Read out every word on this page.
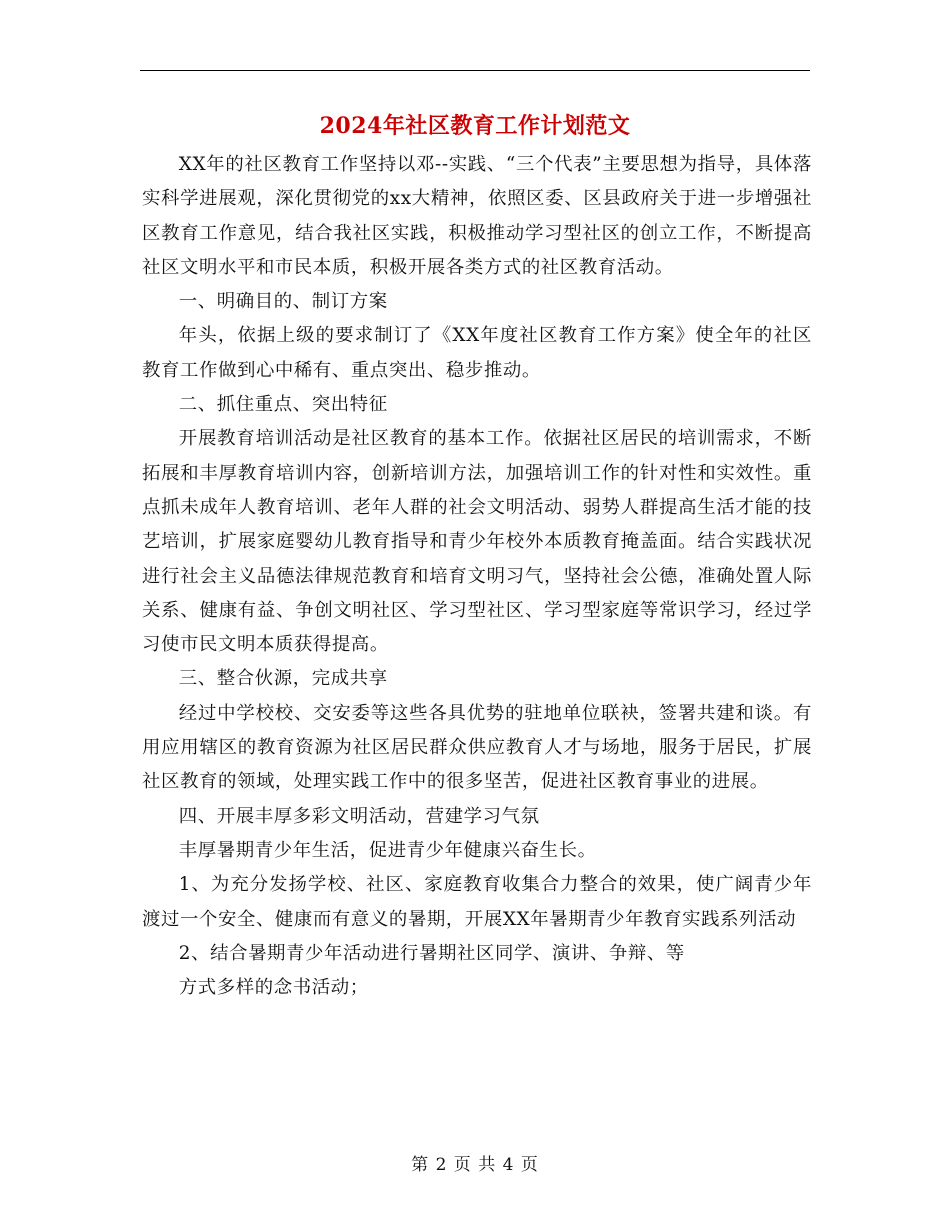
2024年社区教育工作计划范文

XX年的社区教育工作坚持以邓--实践、“三个代表”主要思想为指导，具体落实科学进展观，深化贯彻党的xx大精神，依照区委、区县政府关于进一步增强社区教育工作意见，结合我社区实践，积极推动学习型社区的创立工作，不断提高社区文明水平和市民本质，积极开展各类方式的社区教育活动。

一、明确目的、制订方案

年头，依据上级的要求制订了《XX年度社区教育工作方案》使全年的社区教育工作做到心中稀有、重点突出、稳步推动。

二、抓住重点、突出特征

开展教育培训活动是社区教育的基本工作。依据社区居民的培训需求，不断拓展和丰厚教育培训内容，创新培训方法，加强培训工作的针对性和实效性。重点抓未成年人教育培训、老年人群的社会文明活动、弱势人群提高生活才能的技艺培训，扩展家庭婴幼儿教育指导和青少年校外本质教育掩盖面。结合实践状况进行社会主义品德法律规范教育和培育文明习气，坚持社会公德，准确处置人际关系、健康有益、争创文明社区、学习型社区、学习型家庭等常识学习，经过学习使市民文明本质获得提高。

三、整合伙源，完成共享

经过中学校校、交安委等这些各具优势的驻地单位联袂，签署共建和谈。有用应用辖区的教育资源为社区居民群众供应教育人才与场地，服务于居民，扩展社区教育的领域，处理实践工作中的很多坚苦，促进社区教育事业的进展。

四、开展丰厚多彩文明活动，营建学习气氛

丰厚暑期青少年生活，促进青少年健康兴奋生长。

1、为充分发扬学校、社区、家庭教育收集合力整合的效果，使广阔青少年渡过一个安全、健康而有意义的暑期，开展XX年暑期青少年教育实践系列活动

2、结合暑期青少年活动进行暑期社区同学、演讲、争辩、等

方式多样的念书活动；

第 2 页 共 4 页
